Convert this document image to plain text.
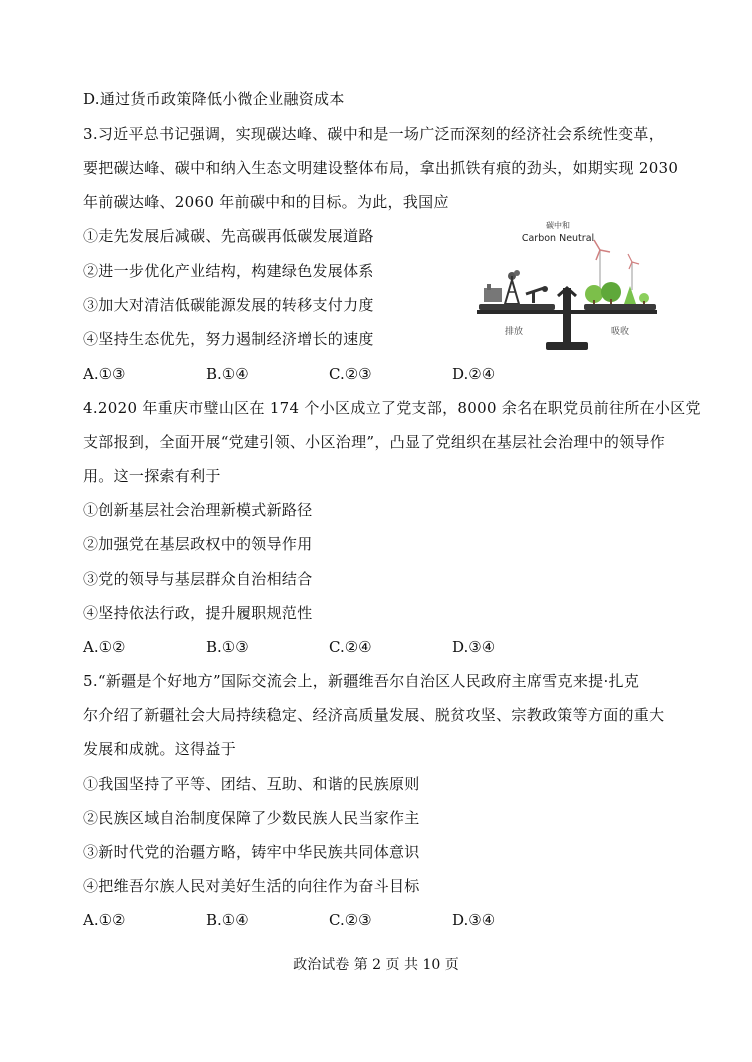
D.通过货币政策降低小微企业融资成本
3.习近平总书记强调，实现碳达峰、碳中和是一场广泛而深刻的经济社会系统性变革，
要把碳达峰、碳中和纳入生态文明建设整体布局，拿出抓铁有痕的劲头，如期实现 2030
年前碳达峰、2060 年前碳中和的目标。为此，我国应
①走先发展后减碳、先高碳再低碳发展道路
②进一步优化产业结构，构建绿色发展体系
③加大对清洁低碳能源发展的转移支付力度
④坚持生态优先，努力遏制经济增长的速度
A.①③	B.①④	C.②③	D.②④
4.2020 年重庆市璧山区在 174 个小区成立了党支部，8000 余名在职党员前往所在小区党
支部报到，全面开展“党建引领、小区治理”，凸显了党组织在基层社会治理中的领导作
用。这一探索有利于
①创新基层社会治理新模式新路径
②加强党在基层政权中的领导作用
③党的领导与基层群众自治相结合
④坚持依法行政，提升履职规范性
A.①②	B.①③	C.②④	D.③④
5.“新疆是个好地方”国际交流会上，新疆维吾尔自治区人民政府主席雪克来提·扎克
尔介绍了新疆社会大局持续稳定、经济高质量发展、脱贫攻坚、宗教政策等方面的重大
发展和成就。这得益于
①我国坚持了平等、团结、互助、和谐的民族原则
②民族区域自治制度保障了少数民族人民当家作主
③新时代党的治疆方略，铸牢中华民族共同体意识
④把维吾尔族人民对美好生活的向往作为奋斗目标
A.①②	B.①④	C.②③	D.③④
碳中和
Carbon Neutral
排放	吸收
政治试卷 第 2 页 共 10 页
